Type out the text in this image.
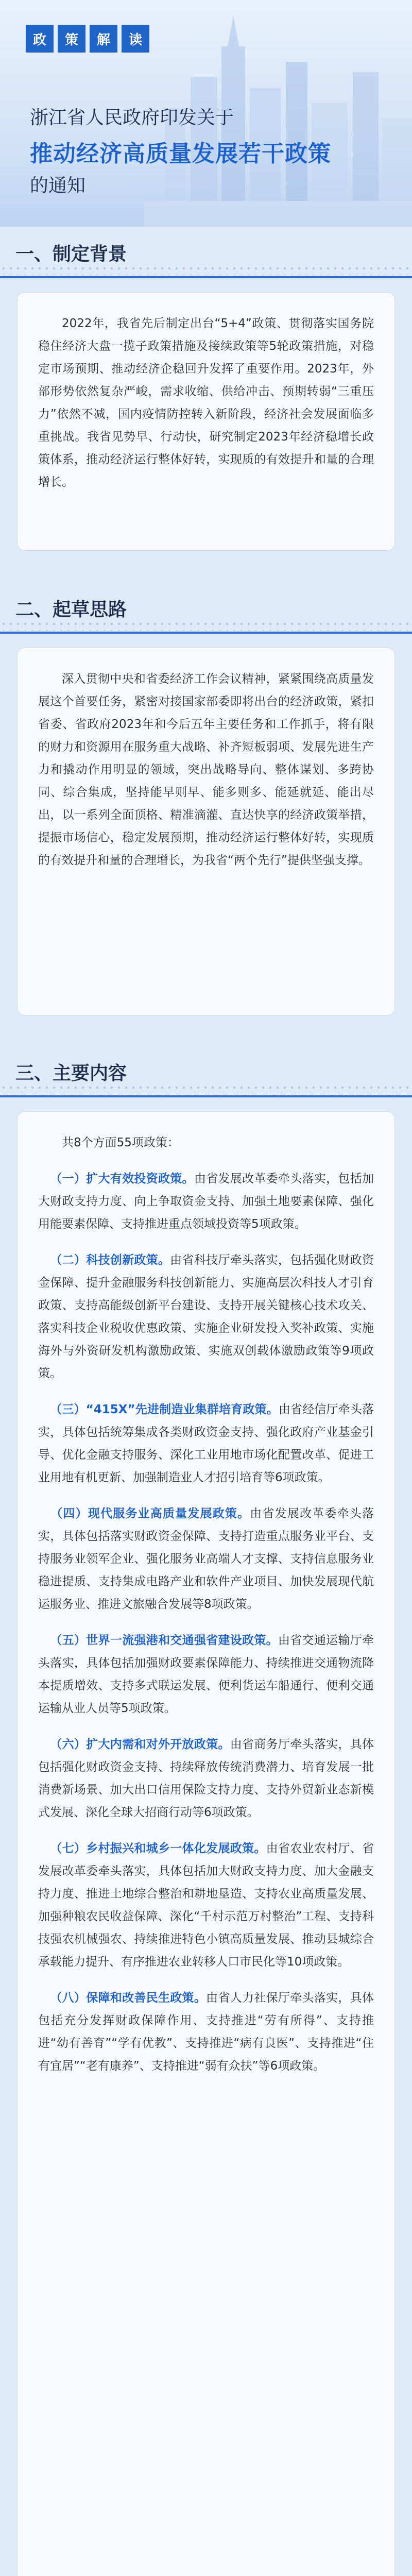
政	策	解	读
浙江省人民政府印发关于
推动经济高质量发展若干政策
的通知
一、制定背景

2022年，我省先后制定出台“5+4”政策、贯彻落实国务院稳住经济大盘一揽子政策措施及接续政策等5轮政策措施，对稳定市场预期、推动经济企稳回升发挥了重要作用。2023年，外部形势依然复杂严峻，需求收缩、供给冲击、预期转弱“三重压力”依然不减，国内疫情防控转入新阶段，经济社会发展面临多重挑战。我省见势早、行动快，研究制定2023年经济稳增长政策体系，推动经济运行整体好转，实现质的有效提升和量的合理增长。

二、起草思路

深入贯彻中央和省委经济工作会议精神，紧紧围绕高质量发展这个首要任务，紧密对接国家部委即将出台的经济政策，紧扣省委、省政府2023年和今后五年主要任务和工作抓手，将有限的财力和资源用在服务重大战略、补齐短板弱项、发展先进生产力和撬动作用明显的领域，突出战略导向、整体谋划、多跨协同、综合集成，坚持能早则早、能多则多、能延就延、能出尽出，以一系列全面顶格、精准滴灌、直达快享的经济政策举措，提振市场信心，稳定发展预期，推动经济运行整体好转，实现质的有效提升和量的合理增长，为我省“两个先行”提供坚强支撑。

三、主要内容

共8个方面55项政策：

（一）扩大有效投资政策。由省发展改革委牵头落实，包括加大财政支持力度、向上争取资金支持、加强土地要素保障、强化用能要素保障、支持推进重点领域投资等5项政策。

（二）科技创新政策。由省科技厅牵头落实，包括强化财政资金保障、提升金融服务科技创新能力、实施高层次科技人才引育政策、支持高能级创新平台建设、支持开展关键核心技术攻关、落实科技企业税收优惠政策、实施企业研发投入奖补政策、实施海外与外资研发机构激励政策、实施双创载体激励政策等9项政策。

（三）“415X”先进制造业集群培育政策。由省经信厅牵头落实，具体包括统筹集成各类财政资金支持、强化政府产业基金引导、优化金融支持服务、深化工业用地市场化配置改革、促进工业用地有机更新、加强制造业人才招引培育等6项政策。

（四）现代服务业高质量发展政策。由省发展改革委牵头落实，具体包括落实财政资金保障、支持打造重点服务业平台、支持服务业领军企业、强化服务业高端人才支撑、支持信息服务业稳进提质、支持集成电路产业和软件产业项目、加快发展现代航运服务业、推进文旅融合发展等8项政策。

（五）世界一流强港和交通强省建设政策。由省交通运输厅牵头落实，具体包括加强财政要素保障能力、持续推进交通物流降本提质增效、支持多式联运发展、便利货运车船通行、便利交通运输从业人员等5项政策。

（六）扩大内需和对外开放政策。由省商务厅牵头落实，具体包括强化财政资金支持、持续释放传统消费潜力、培育发展一批消费新场景、加大出口信用保险支持力度、支持外贸新业态新模式发展、深化全球大招商行动等6项政策。

（七）乡村振兴和城乡一体化发展政策。由省农业农村厅、省发展改革委牵头落实，具体包括加大财政支持力度、加大金融支持力度、推进土地综合整治和耕地垦造、支持农业高质量发展、加强种粮农民收益保障、深化“千村示范万村整治”工程、支持科技强农机械强农、持续推进特色小镇高质量发展、推动县城综合承载能力提升、有序推进农业转移人口市民化等10项政策。

（八）保障和改善民生政策。由省人力社保厅牵头落实，具体包括充分发挥财政保障作用、支持推进“劳有所得”、支持推进“幼有善育”“学有优教”、支持推进“病有良医”、支持推进“住有宜居”“老有康养”、支持推进“弱有众扶”等6项政策。
